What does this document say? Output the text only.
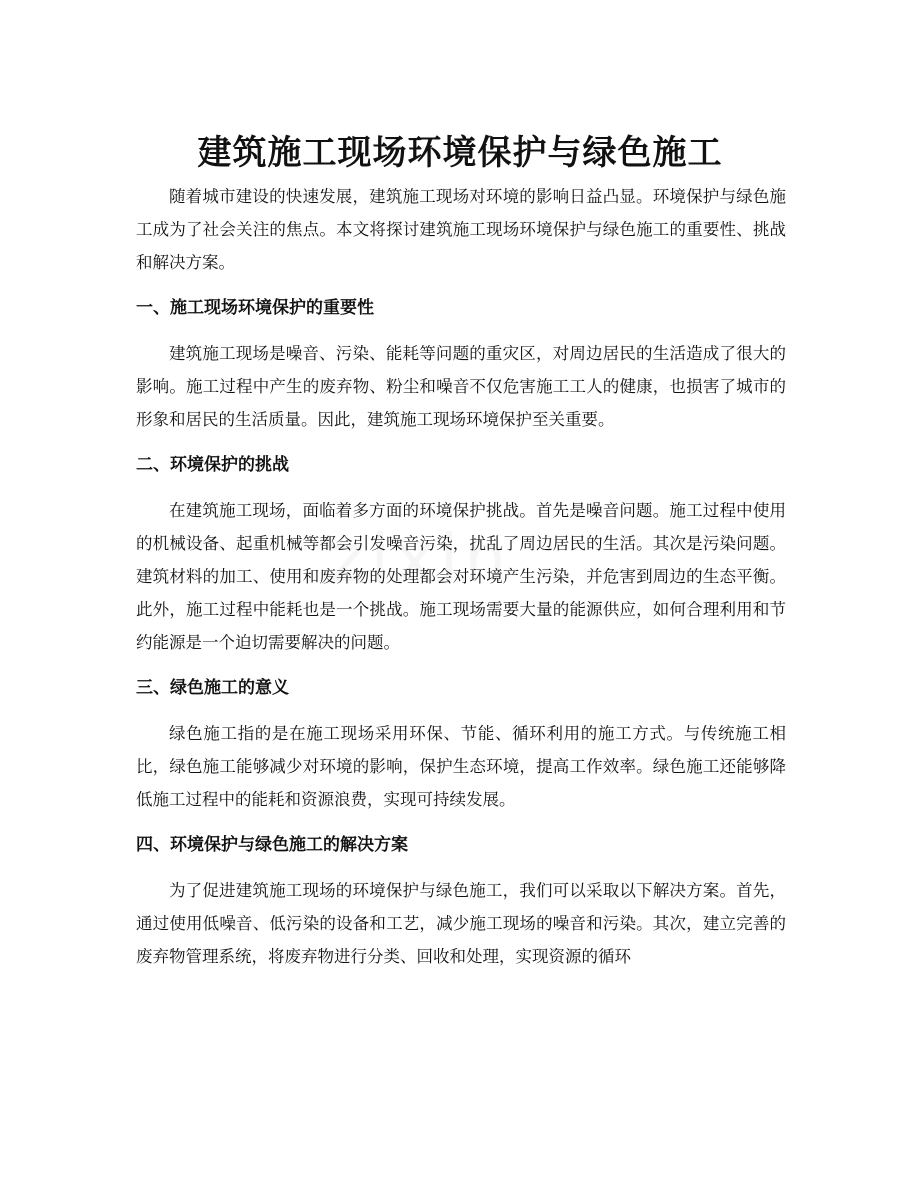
建筑施工现场环境保护与绿色施工

随着城市建设的快速发展，建筑施工现场对环境的影响日益凸显。环境保护与绿色施工成为了社会关注的焦点。本文将探讨建筑施工现场环境保护与绿色施工的重要性、挑战和解决方案。

一、施工现场环境保护的重要性

建筑施工现场是噪音、污染、能耗等问题的重灾区，对周边居民的生活造成了很大的影响。施工过程中产生的废弃物、粉尘和噪音不仅危害施工工人的健康，也损害了城市的形象和居民的生活质量。因此，建筑施工现场环境保护至关重要。

二、环境保护的挑战

在建筑施工现场，面临着多方面的环境保护挑战。首先是噪音问题。施工过程中使用的机械设备、起重机械等都会引发噪音污染，扰乱了周边居民的生活。其次是污染问题。建筑材料的加工、使用和废弃物的处理都会对环境产生污染，并危害到周边的生态平衡。此外，施工过程中能耗也是一个挑战。施工现场需要大量的能源供应，如何合理利用和节约能源是一个迫切需要解决的问题。

三、绿色施工的意义

绿色施工指的是在施工现场采用环保、节能、循环利用的施工方式。与传统施工相比，绿色施工能够减少对环境的影响，保护生态环境，提高工作效率。绿色施工还能够降低施工过程中的能耗和资源浪费，实现可持续发展。

四、环境保护与绿色施工的解决方案

为了促进建筑施工现场的环境保护与绿色施工，我们可以采取以下解决方案。首先，通过使用低噪音、低污染的设备和工艺，减少施工现场的噪音和污染。其次，建立完善的废弃物管理系统，将废弃物进行分类、回收和处理，实现资源的循环
